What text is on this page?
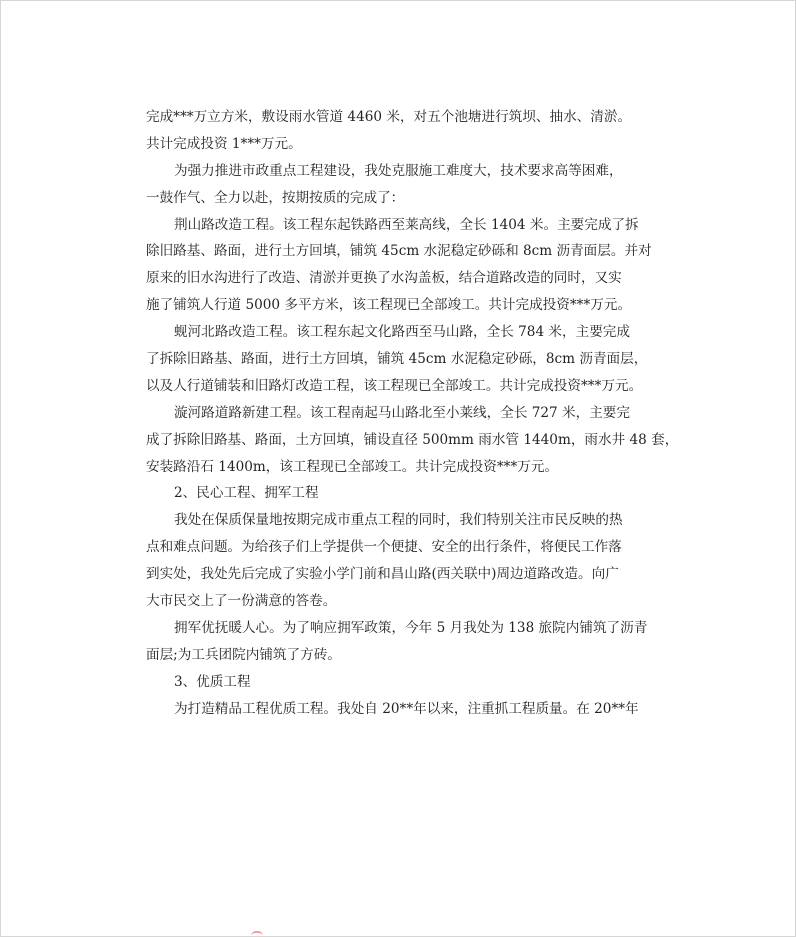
完成***万立方米，敷设雨水管道 4460 米，对五个池塘进行筑坝、抽水、清淤。

共计完成投资 1***万元。

为强力推进市政重点工程建设，我处克服施工难度大，技术要求高等困难，

一鼓作气、全力以赴，按期按质的完成了：

荆山路改造工程。该工程东起铁路西至莱高线，全长 1404 米。主要完成了拆

除旧路基、路面，进行土方回填，铺筑 45cm 水泥稳定砂砾和 8cm 沥青面层。并对

原来的旧水沟进行了改造、清淤并更换了水沟盖板，结合道路改造的同时，又实

施了铺筑人行道 5000 多平方米，该工程现已全部竣工。共计完成投资***万元。

蚬河北路改造工程。该工程东起文化路西至马山路，全长 784 米，主要完成

了拆除旧路基、路面，进行土方回填，铺筑 45cm 水泥稳定砂砾，8cm 沥青面层，

以及人行道铺装和旧路灯改造工程，该工程现已全部竣工。共计完成投资***万元。

漩河路道路新建工程。该工程南起马山路北至小莱线，全长 727 米，主要完

成了拆除旧路基、路面，土方回填，铺设直径 500mm 雨水管 1440m，雨水井 48 套，

安装路沿石 1400m，该工程现已全部竣工。共计完成投资***万元。

2、民心工程、拥军工程

我处在保质保量地按期完成市重点工程的同时，我们特别关注市民反映的热

点和难点问题。为给孩子们上学提供一个便捷、安全的出行条件，将便民工作落

到实处，我处先后完成了实验小学门前和昌山路(西关联中)周边道路改造。向广

大市民交上了一份满意的答卷。

拥军优抚暖人心。为了响应拥军政策，今年 5 月我处为 138 旅院内铺筑了沥青

面层;为工兵团院内铺筑了方砖。

3、优质工程

为打造精品工程优质工程。我处自 20**年以来，注重抓工程质量。在 20**年
